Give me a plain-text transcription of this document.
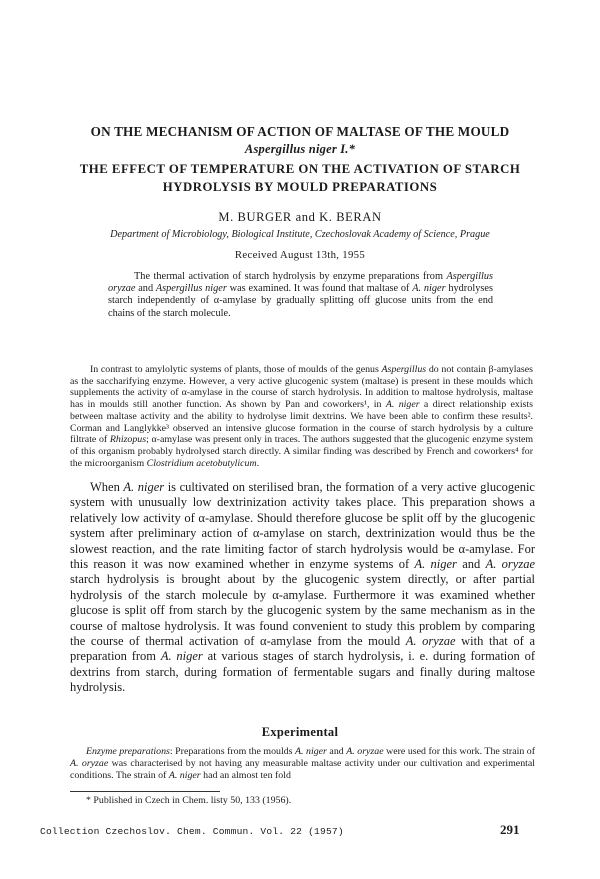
ON THE MECHANISM OF ACTION OF MALTASE OF THE MOULD
Aspergillus niger I.*
THE EFFECT OF TEMPERATURE ON THE ACTIVATION OF STARCH
HYDROLYSIS BY MOULD PREPARATIONS
M. BURGER and K. BERAN
Department of Microbiology, Biological Institute, Czechoslovak Academy of Science, Prague
Received August 13th, 1955

The thermal activation of starch hydrolysis by enzyme preparations from Aspergillus oryzae and Aspergillus niger was examined. It was found that maltase of A. niger hydrolyses starch independently of α-amylase by gradually splitting off glucose units from the end chains of the starch molecule.

In contrast to amylolytic systems of plants, those of moulds of the genus Aspergillus do not contain β-amylases as the saccharifying enzyme. However, a very active glucogenic system (maltase) is present in these moulds which supplements the activity of α-amylase in the course of starch hydrolysis. In addition to maltose hydrolysis, maltase has in moulds still another function. As shown by Pan and coworkers¹, in A. niger a direct relationship exists between maltase activity and the ability to hydrolyse limit dextrins. We have been able to confirm these results². Corman and Langlykke³ observed an intensive glucose formation in the course of starch hydrolysis by a culture filtrate of Rhizopus; α-amylase was present only in traces. The authors suggested that the glucogenic enzyme system of this organism probably hydrolysed starch directly. A similar finding was described by French and coworkers⁴ for the microorganism Clostridium acetobutylicum.

When A. niger is cultivated on sterilised bran, the formation of a very active glucogenic system with unusually low dextrinization activity takes place. This preparation shows a relatively low activity of α-amylase. Should therefore glucose be split off by the glucogenic system after preliminary action of α-amylase on starch, dextrinization would thus be the slowest reaction, and the rate limiting factor of starch hydrolysis would be α-amylase. For this reason it was now examined whether in enzyme systems of A. niger and A. oryzae starch hydrolysis is brought about by the glucogenic system directly, or after partial hydrolysis of the starch molecule by α-amylase. Furthermore it was examined whether glucose is split off from starch by the glucogenic system by the same mechanism as in the course of maltose hydrolysis. It was found convenient to study this problem by comparing the course of thermal activation of α-amylase from the mould A. oryzae with that of a preparation from A. niger at various stages of starch hydrolysis, i. e. during formation of dextrins from starch, during formation of fermentable sugars and finally during maltose hydrolysis.

Experimental

Enzyme preparations: Preparations from the moulds A. niger and A. oryzae were used for this work. The strain of A. oryzae was characterised by not having any measurable maltase activity under our cultivation and experimental conditions. The strain of A. niger had an almost ten fold

* Published in Czech in Chem. listy 50, 133 (1956).

Collection Czechoslov. Chem. Commun. Vol. 22 (1957)	291
